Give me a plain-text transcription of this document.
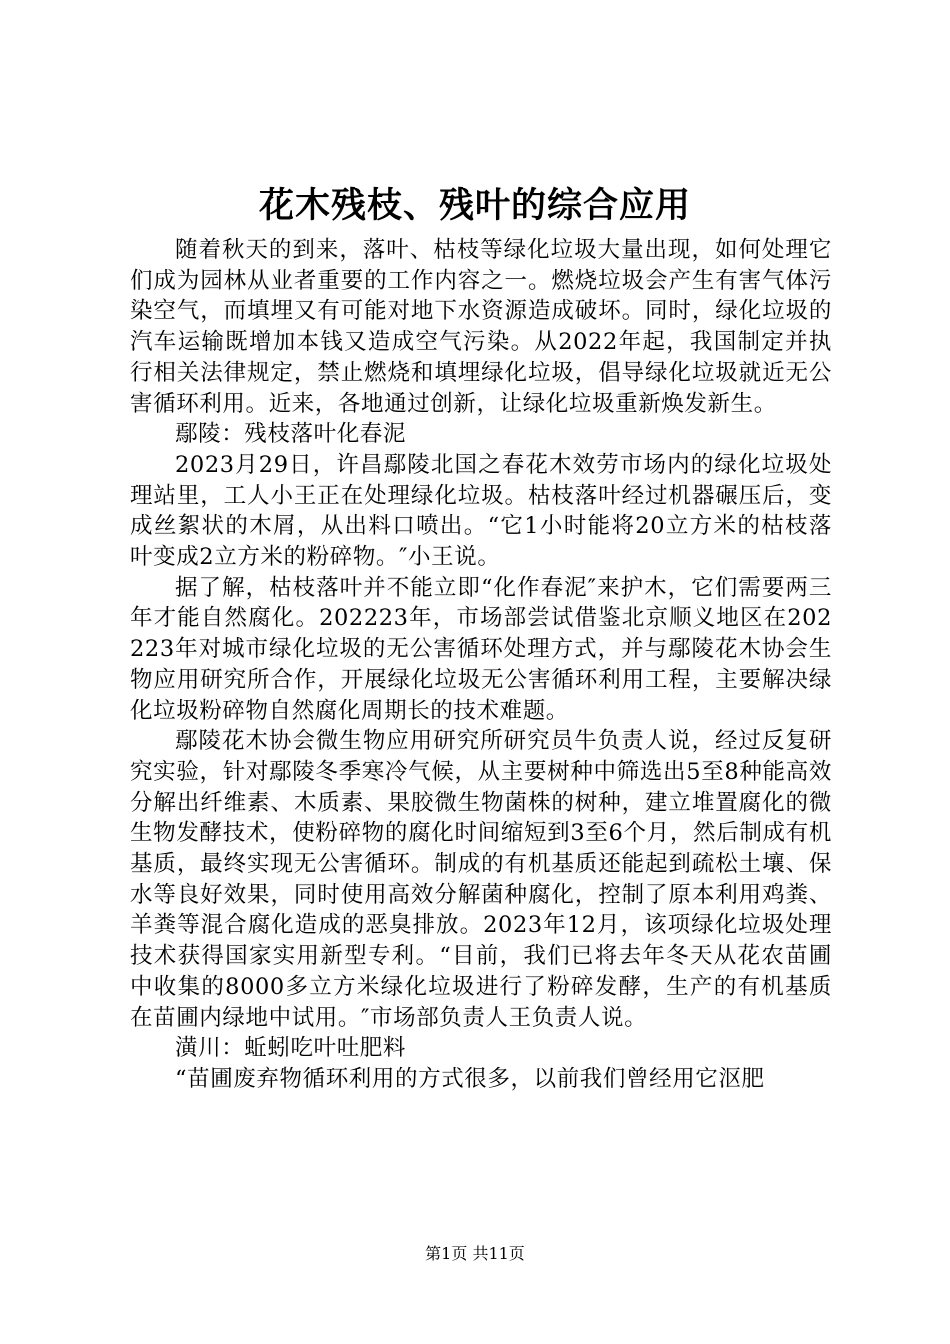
花木残枝、残叶的综合应用

随着秋天的到来，落叶、枯枝等绿化垃圾大量出现，如何处理它们成为园林从业者重要的工作内容之一。燃烧垃圾会产生有害气体污染空气，而填埋又有可能对地下水资源造成破坏。同时，绿化垃圾的汽车运输既增加本钱又造成空气污染。从2022年起，我国制定并执行相关法律规定，禁止燃烧和填埋绿化垃圾，倡导绿化垃圾就近无公害循环利用。近来，各地通过创新，让绿化垃圾重新焕发新生。

鄢陵：残枝落叶化春泥

2023月29日，许昌鄢陵北国之春花木效劳市场内的绿化垃圾处理站里，工人小王正在处理绿化垃圾。枯枝落叶经过机器碾压后，变成丝絮状的木屑，从出料口喷出。“它1小时能将20立方米的枯枝落叶变成2立方米的粉碎物。″小王说。

据了解，枯枝落叶并不能立即“化作春泥″来护木，它们需要两三年才能自然腐化。202223年，市场部尝试借鉴北京顺义地区在202223年对城市绿化垃圾的无公害循环处理方式，并与鄢陵花木协会生物应用研究所合作，开展绿化垃圾无公害循环利用工程，主要解决绿化垃圾粉碎物自然腐化周期长的技术难题。

鄢陵花木协会微生物应用研究所研究员牛负责人说，经过反复研究实验，针对鄢陵冬季寒冷气候，从主要树种中筛选出5至8种能高效分解出纤维素、木质素、果胶微生物菌株的树种，建立堆置腐化的微生物发酵技术，使粉碎物的腐化时间缩短到3至6个月，然后制成有机基质，最终实现无公害循环。制成的有机基质还能起到疏松土壤、保水等良好效果，同时使用高效分解菌种腐化，控制了原本利用鸡粪、羊粪等混合腐化造成的恶臭排放。2023年12月，该项绿化垃圾处理技术获得国家实用新型专利。“目前，我们已将去年冬天从花农苗圃中收集的8000多立方米绿化垃圾进行了粉碎发酵，生产的有机基质在苗圃内绿地中试用。″市场部负责人王负责人说。

潢川：蚯蚓吃叶吐肥料

“苗圃废弃物循环利用的方式很多，以前我们曾经用它沤肥

第1页 共11页
